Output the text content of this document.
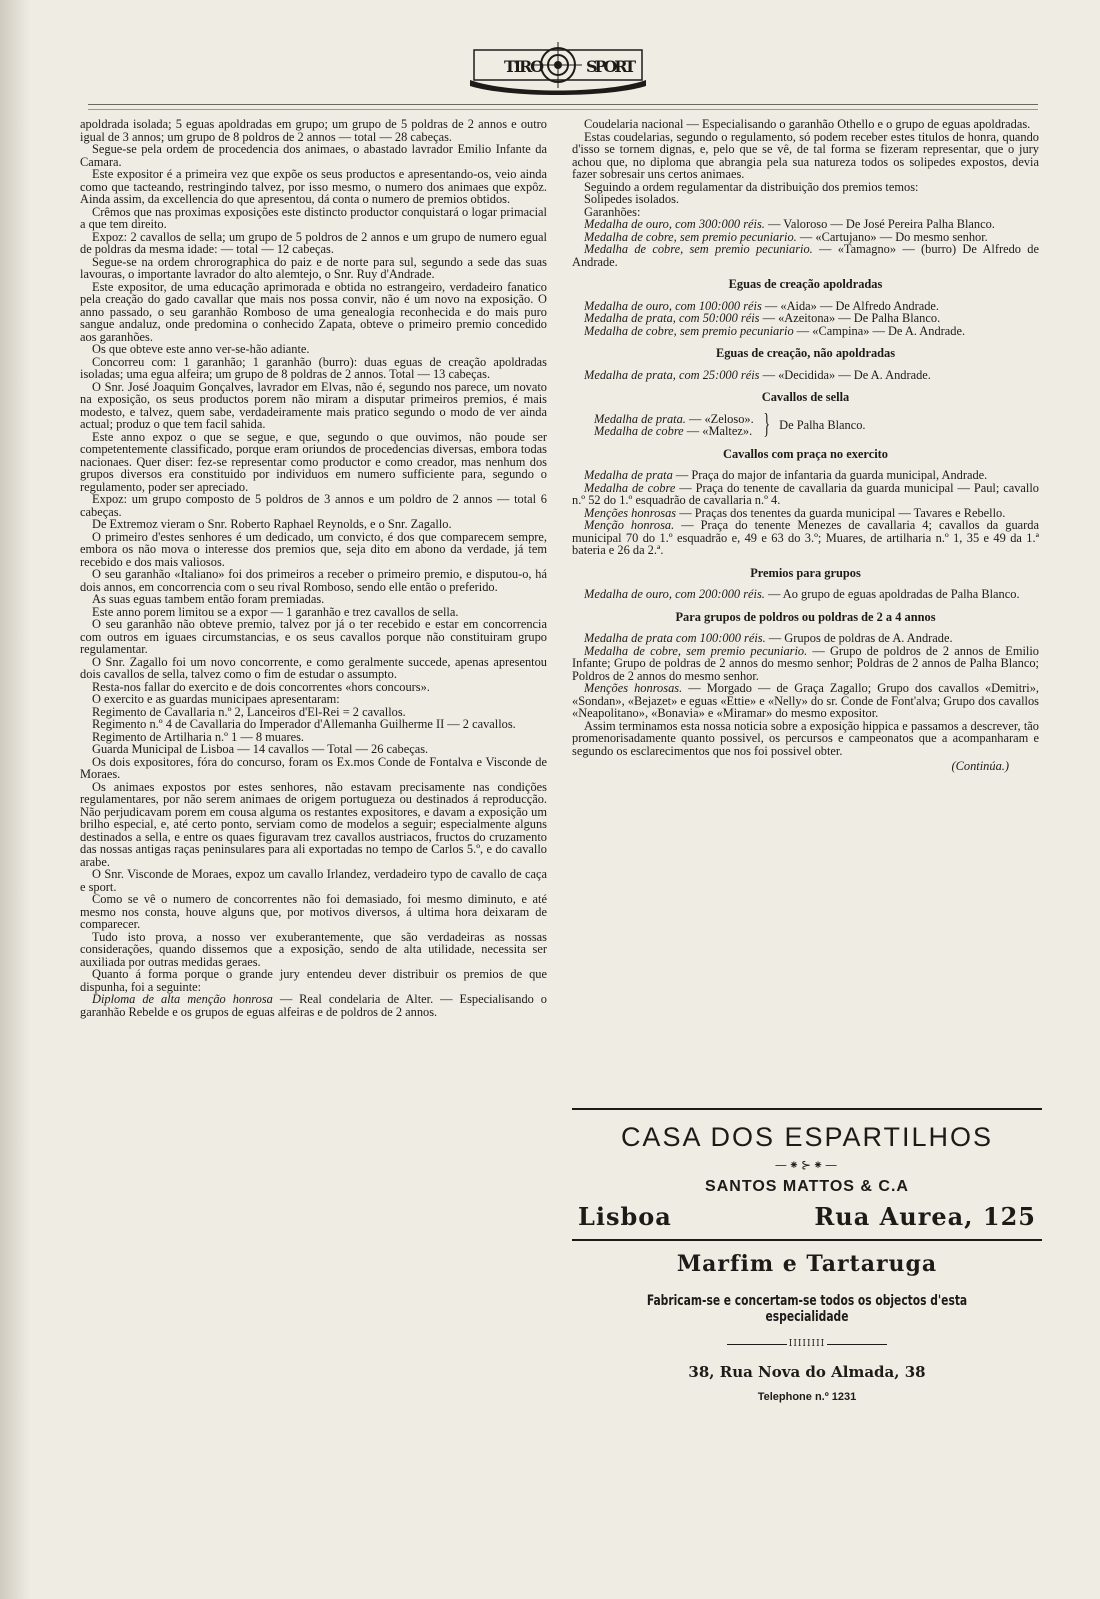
TIRO	SPORT

apoldrada isolada; 5 eguas apoldradas em grupo; um grupo de 5 poldras de 2 annos e outro igual de 3 annos; um grupo de 8 poldros de 2 annos — total — 28 cabeças.

Segue-se pela ordem de procedencia dos animaes, o abastado lavrador Emilio Infante da Camara.

Este expositor é a primeira vez que expõe os seus productos e apresentando-os, veio ainda como que tacteando, restringindo talvez, por isso mesmo, o numero dos animaes que expôz. Ainda assim, da excellencia do que apresentou, dá conta o numero de premios obtidos.

Crêmos que nas proximas exposições este distincto productor conquistará o logar primacial a que tem direito.

Expoz: 2 cavallos de sella; um grupo de 5 poldros de 2 annos e um grupo de numero egual de poldras da mesma idade: — total — 12 cabeças.

Segue-se na ordem chrorographica do paiz e de norte para sul, segundo a sede das suas lavouras, o importante lavrador do alto alemtejo, o Snr. Ruy d'Andrade.

Este expositor, de uma educação aprimorada e obtida no estrangeiro, verdadeiro fanatico pela creação do gado cavallar que mais nos possa convir, não é um novo na exposição. O anno passado, o seu garanhão Romboso de uma genealogia reconhecida e do mais puro sangue andaluz, onde predomina o conhecido Zapata, obteve o primeiro premio concedido aos garanhões.

Os que obteve este anno ver-se-hão adiante.

Concorreu com: 1 garanhão; 1 garanhão (burro): duas eguas de creação apoldradas isoladas; uma egua alfeira; um grupo de 8 poldras de 2 annos. Total — 13 cabeças.

O Snr. José Joaquim Gonçalves, lavrador em Elvas, não é, segundo nos parece, um novato na exposição, os seus productos porem não miram a disputar primeiros premios, é mais modesto, e talvez, quem sabe, verdadeiramente mais pratico segundo o modo de ver ainda actual; produz o que tem facil sahida.

Este anno expoz o que se segue, e que, segundo o que ouvimos, não poude ser competentemente classificado, porque eram oriundos de procedencias diversas, embora todas nacionaes. Quer diser: fez-se representar como productor e como creador, mas nenhum dos grupos diversos era constituido por individuos em numero sufficiente para, segundo o regulamento, poder ser apreciado.

Expoz: um grupo composto de 5 poldros de 3 annos e um poldro de 2 annos — total 6 cabeças.

De Extremoz vieram o Snr. Roberto Raphael Reynolds, e o Snr. Zagallo.

O primeiro d'estes senhores é um dedicado, um convicto, é dos que comparecem sempre, embora os não mova o interesse dos premios que, seja dito em abono da verdade, já tem recebido e dos mais valiosos.

O seu garanhão «Italiano» foi dos primeiros a receber o primeiro premio, e disputou-o, há dois annos, em concorrencia com o seu rival Romboso, sendo elle então o preferido.

As suas eguas tambem então foram premiadas.

Este anno porem limitou se a expor — 1 garanhão e trez cavallos de sella.

O seu garanhão não obteve premio, talvez por já o ter recebido e estar em concorrencia com outros em iguaes circumstancias, e os seus cavallos porque não constituiram grupo regulamentar.

O Snr. Zagallo foi um novo concorrente, e como geralmente succede, apenas apresentou dois cavallos de sella, talvez como o fim de estudar o assumpto.

Resta-nos fallar do exercito e de dois concorrentes «hors concours».

O exercito e as guardas municipaes apresentaram:

Regimento de Cavallaria n.º 2, Lanceiros d'El-Rei = 2 cavallos.

Regimento n.º 4 de Cavallaria do Imperador d'Allemanha Guilherme II — 2 cavallos.

Regimento de Artilharia n.º 1 — 8 muares.

Guarda Municipal de Lisboa — 14 cavallos — Total — 26 cabeças.

Os dois expositores, fóra do concurso, foram os Ex.mos Conde de Fontalva e Visconde de Moraes.

Os animaes expostos por estes senhores, não estavam precisamente nas condições regulamentares, por não serem animaes de origem portugueza ou destinados á reproducção. Não perjudicavam porem em cousa alguma os restantes expositores, e davam a exposição um brilho especial, e, até certo ponto, serviam como de modelos a seguir; especialmente alguns destinados a sella, e entre os quaes figuravam trez cavallos austriacos, fructos do cruzamento das nossas antigas raças peninsulares para ali exportadas no tempo de Carlos 5.º, e do cavallo arabe.

O Snr. Visconde de Moraes, expoz um cavallo Irlandez, verdadeiro typo de cavallo de caça e sport.

Como se vê o numero de concorrentes não foi demasiado, foi mesmo diminuto, e até mesmo nos consta, houve alguns que, por motivos diversos, á ultima hora deixaram de comparecer.

Tudo isto prova, a nosso ver exuberantemente, que são verdadeiras as nossas considerações, quando dissemos que a exposição, sendo de alta utilidade, necessita ser auxiliada por outras medidas geraes.

Quanto á forma porque o grande jury entendeu dever distribuir os premios de que dispunha, foi a seguinte:

Diploma de alta menção honrosa — Real condelaria de Alter. — Especialisando o garanhão Rebelde e os grupos de eguas alfeiras e de poldros de 2 annos.

Coudelaria nacional — Especialisando o garanhão Othello e o grupo de eguas apoldradas.

Estas coudelarias, segundo o regulamento, só podem receber estes titulos de honra, quando d'isso se tornem dignas, e, pelo que se vê, de tal forma se fizeram representar, que o jury achou que, no diploma que abrangia pela sua natureza todos os solipedes expostos, devia fazer sobresair uns certos animaes.

Seguindo a ordem regulamentar da distribuição dos premios temos:

Solipedes isolados.

Garanhões:

Medalha de ouro, com 300:000 réis. — Valoroso — De José Pereira Palha Blanco.

Medalha de cobre, sem premio pecuniario. — «Cartujano» — Do mesmo senhor.

Medalha de cobre, sem premio pecuniario. — «Tamagno» — (burro) De Alfredo de Andrade.

Eguas de creação apoldradas

Medalha de ouro, com 100:000 réis — «Aida» — De Alfredo Andrade.

Medalha de prata, com 50:000 réis — «Azeitona» — De Palha Blanco.

Medalha de cobre, sem premio pecuniario — «Campina» — De A. Andrade.

Eguas de creação, não apoldradas

Medalha de prata, com 25:000 réis — «Decidida» — De A. Andrade.

Cavallos de sella

Medalha de prata. — «Zeloso».

Medalha de cobre — «Maltez». } De Palha Blanco.

Cavallos com praça no exercito

Medalha de prata — Praça do major de infantaria da guarda municipal, Andrade.

Medalha de cobre — Praça do tenente de cavallaria da guarda municipal — Paul; cavallo n.º 52 do 1.º esquadrão de cavallaria n.º 4.

Menções honrosas — Praças dos tenentes da guarda municipal — Tavares e Rebello.

Menção honrosa. — Praça do tenente Menezes de cavallaria 4; cavallos da guarda municipal 70 do 1.º esquadrão e, 49 e 63 do 3.º; Muares, de artilharia n.º 1, 35 e 49 da 1.ª bateria e 26 da 2.ª.

Premios para grupos

Medalha de ouro, com 200:000 réis. — Ao grupo de eguas apoldradas de Palha Blanco.

Para grupos de poldros ou poldras de 2 a 4 annos

Medalha de prata com 100:000 réis. — Grupos de poldras de A. Andrade.

Medalha de cobre, sem premio pecuniario. — Grupo de poldros de 2 annos de Emilio Infante; Grupo de poldras de 2 annos do mesmo senhor; Poldras de 2 annos de Palha Blanco; Poldros de 2 annos do mesmo senhor.

Menções honrosas. — Morgado — de Graça Zagallo; Grupo dos cavallos «Demitri», «Sondan», «Bejazet» e eguas «Ettie» e «Nelly» do sr. Conde de Font'alva; Grupo dos cavallos «Neapolitano», «Bonavia» e «Miramar» do mesmo expositor.

Assim terminamos esta nossa noticia sobre a exposição hippica e passamos a descrever, tão promenorisadamente quanto possivel, os percursos e campeonatos que a acompanharam e segundo os esclarecimentos que nos foi possivel obter.

(Continúa.)

CASA DOS ESPARTILHOS

—⁕⊱⁕—

SANTOS MATTOS & C.A

Lisboa	Rua Aurea, 125
Marfim e Tartaruga
Fabricam-se e concertam-se todos os objectos d'esta especialidade
IIIIIIII
38, Rua Nova do Almada, 38
Telephone n.º 1231
